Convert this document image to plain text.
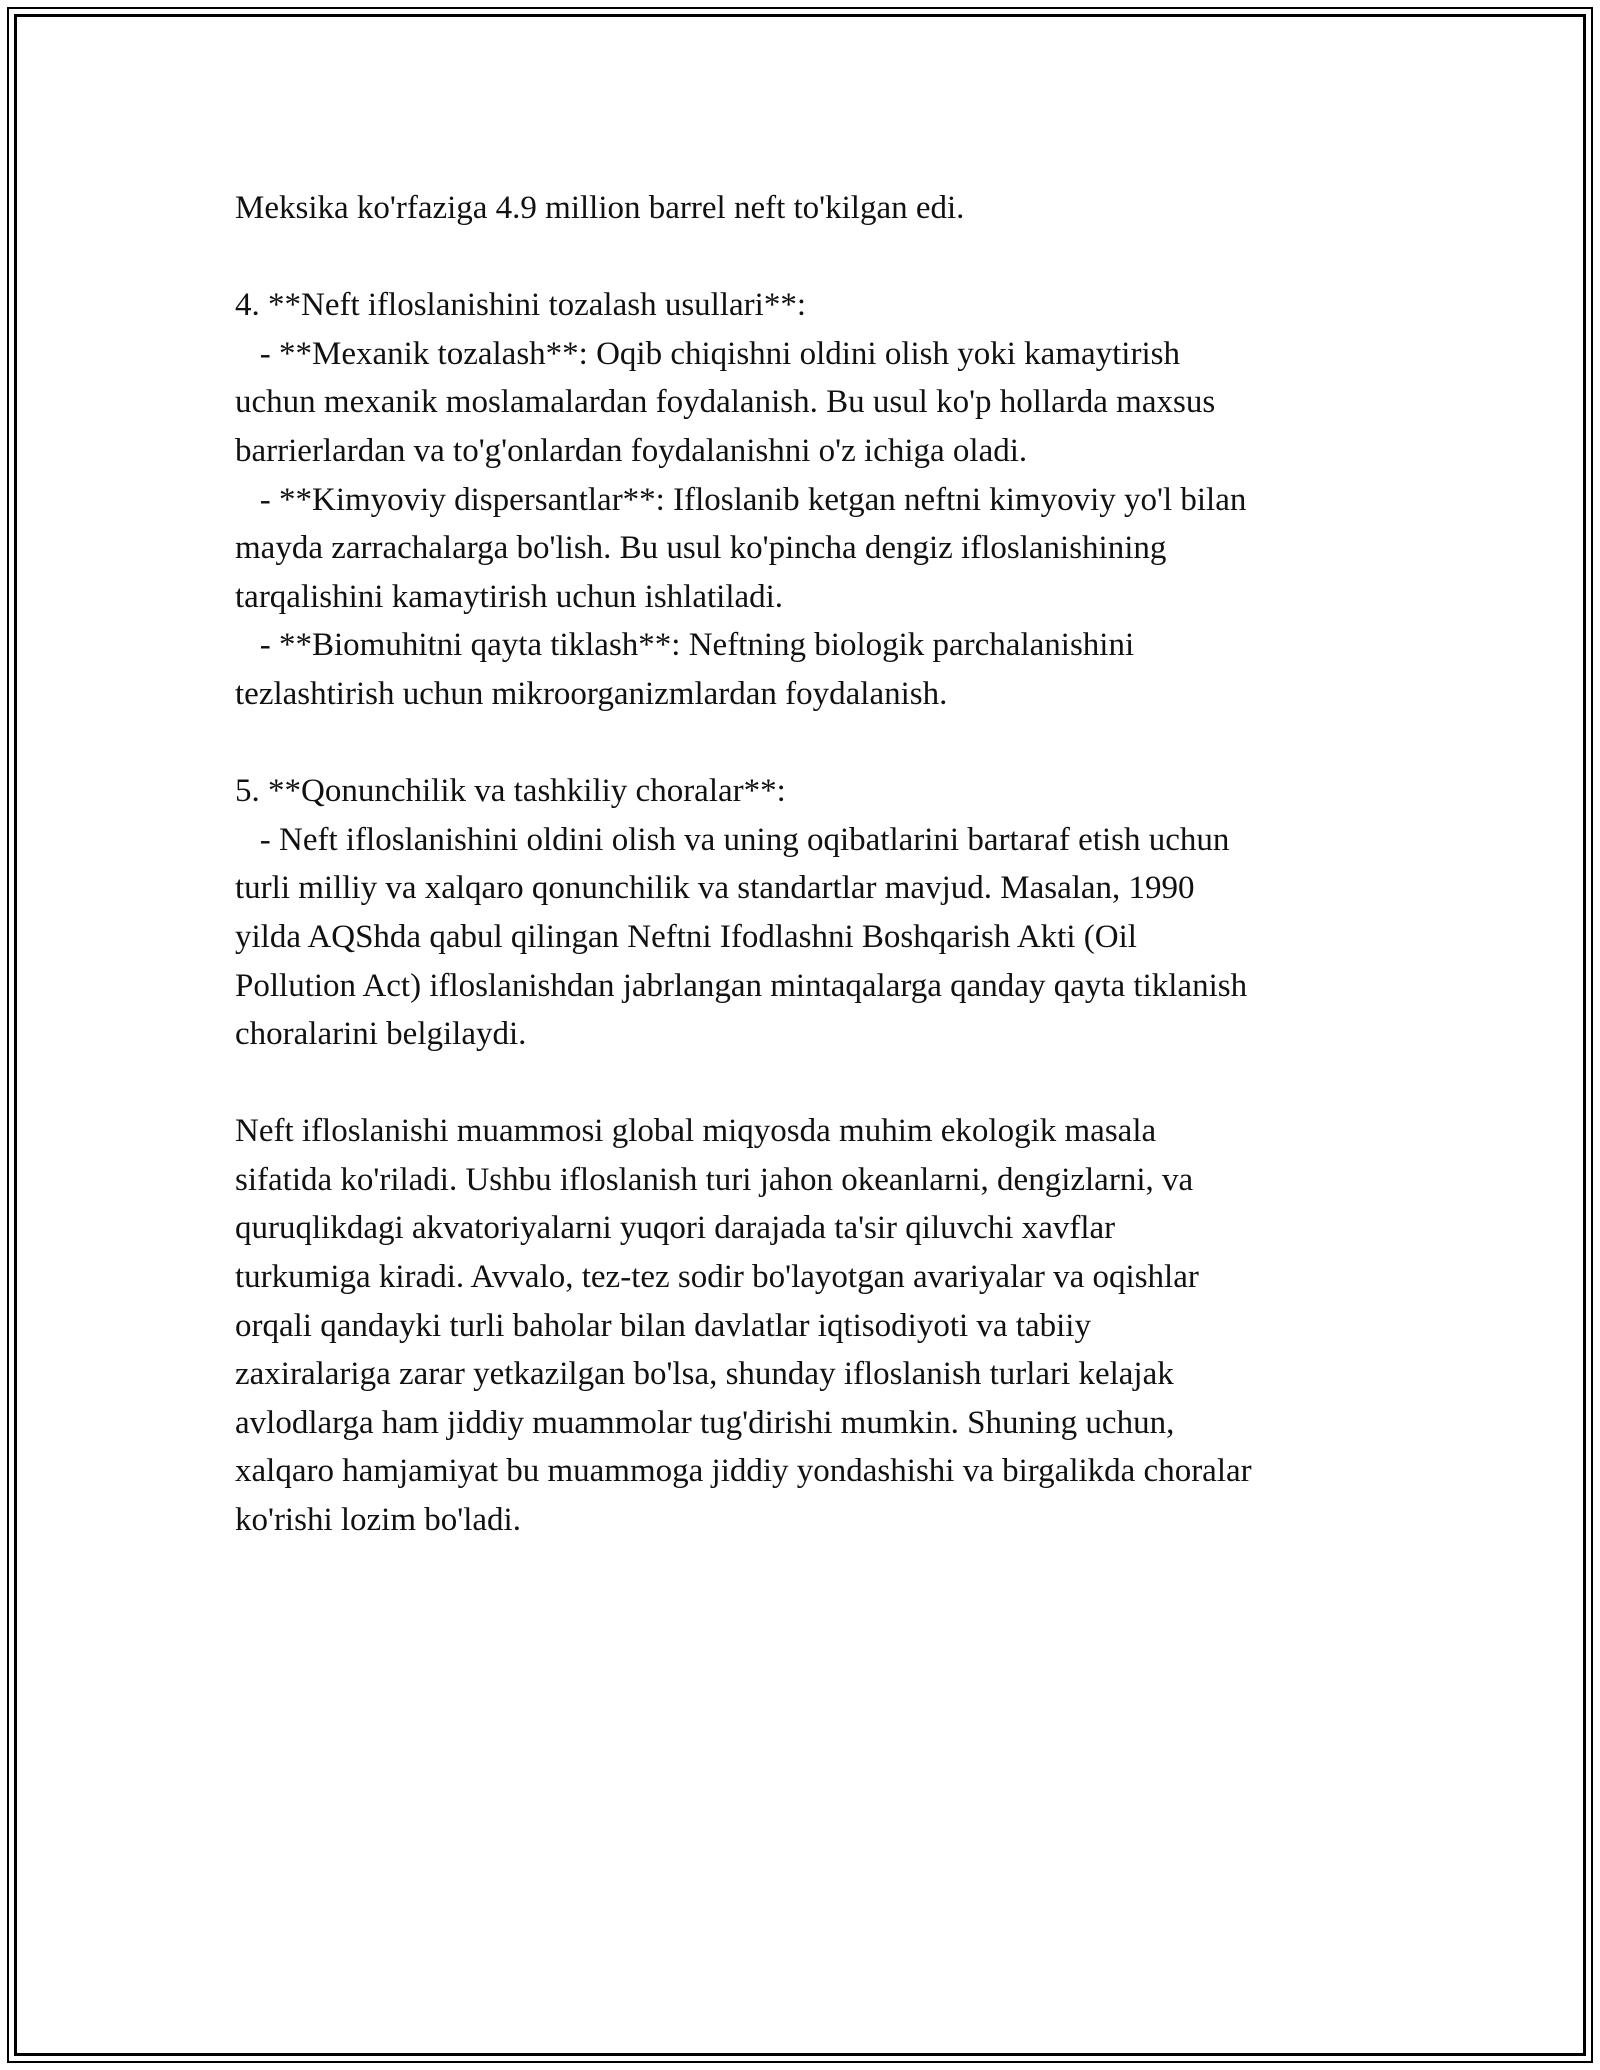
Meksika ko'rfaziga 4.9 million barrel neft to'kilgan edi.
4. **Neft ifloslanishini tozalash usullari**:
- **Mexanik tozalash**: Oqib chiqishni oldini olish yoki kamaytirish
uchun mexanik moslamalardan foydalanish. Bu usul ko'p hollarda maxsus
barrierlardan va to'g'onlardan foydalanishni o'z ichiga oladi.
- **Kimyoviy dispersantlar**: Ifloslanib ketgan neftni kimyoviy yo'l bilan
mayda zarrachalarga bo'lish. Bu usul ko'pincha dengiz ifloslanishining
tarqalishini kamaytirish uchun ishlatiladi.
- **Biomuhitni qayta tiklash**: Neftning biologik parchalanishini
tezlashtirish uchun mikroorganizmlardan foydalanish.
5. **Qonunchilik va tashkiliy choralar**:
- Neft ifloslanishini oldini olish va uning oqibatlarini bartaraf etish uchun
turli milliy va xalqaro qonunchilik va standartlar mavjud. Masalan, 1990
yilda AQShda qabul qilingan Neftni Ifodlashni Boshqarish Akti (Oil
Pollution Act) ifloslanishdan jabrlangan mintaqalarga qanday qayta tiklanish
choralarini belgilaydi.
Neft ifloslanishi muammosi global miqyosda muhim ekologik masala
sifatida ko'riladi. Ushbu ifloslanish turi jahon okeanlarni, dengizlarni, va
quruqlikdagi akvatoriyalarni yuqori darajada ta'sir qiluvchi xavflar
turkumiga kiradi. Avvalo, tez-tez sodir bo'layotgan avariyalar va oqishlar
orqali qandayki turli baholar bilan davlatlar iqtisodiyoti va tabiiy
zaxiralariga zarar yetkazilgan bo'lsa, shunday ifloslanish turlari kelajak
avlodlarga ham jiddiy muammolar tug'dirishi mumkin. Shuning uchun,
xalqaro hamjamiyat bu muammoga jiddiy yondashishi va birgalikda choralar
ko'rishi lozim bo'ladi.
